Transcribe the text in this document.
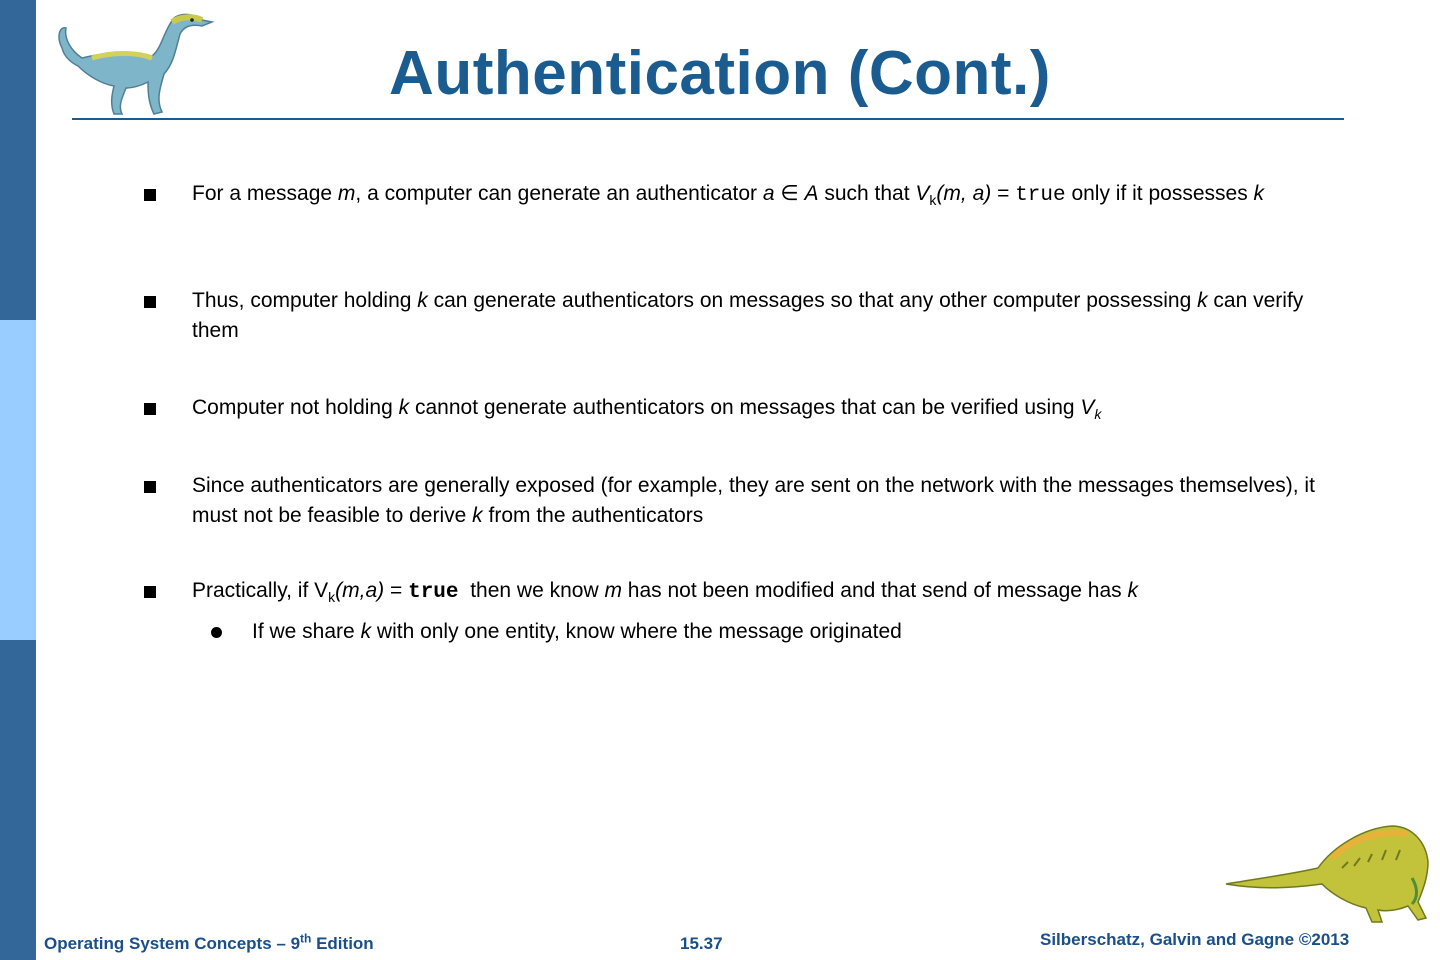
Authentication (Cont.)
For a message m, a computer can generate an authenticator a ∈ A such that $V_k(m$, a) = true only if it possesses k
Thus, computer holding k can generate authenticators on messages so that any other computer possessing k can verify them
Computer not holding k cannot generate authenticators on messages that can be verified using $V_k$
Since authenticators are generally exposed (for example, they are sent on the network with the messages themselves), it must not be feasible to derive k from the authenticators
Practically, if $V_k(m,a)$ = true  then we know m has not been modified and that send of message has k
If we share k with only one entity, know where the message originated
Operating System Concepts – 9th Edition	15.37	Silberschatz, Galvin and Gagne ©2013
